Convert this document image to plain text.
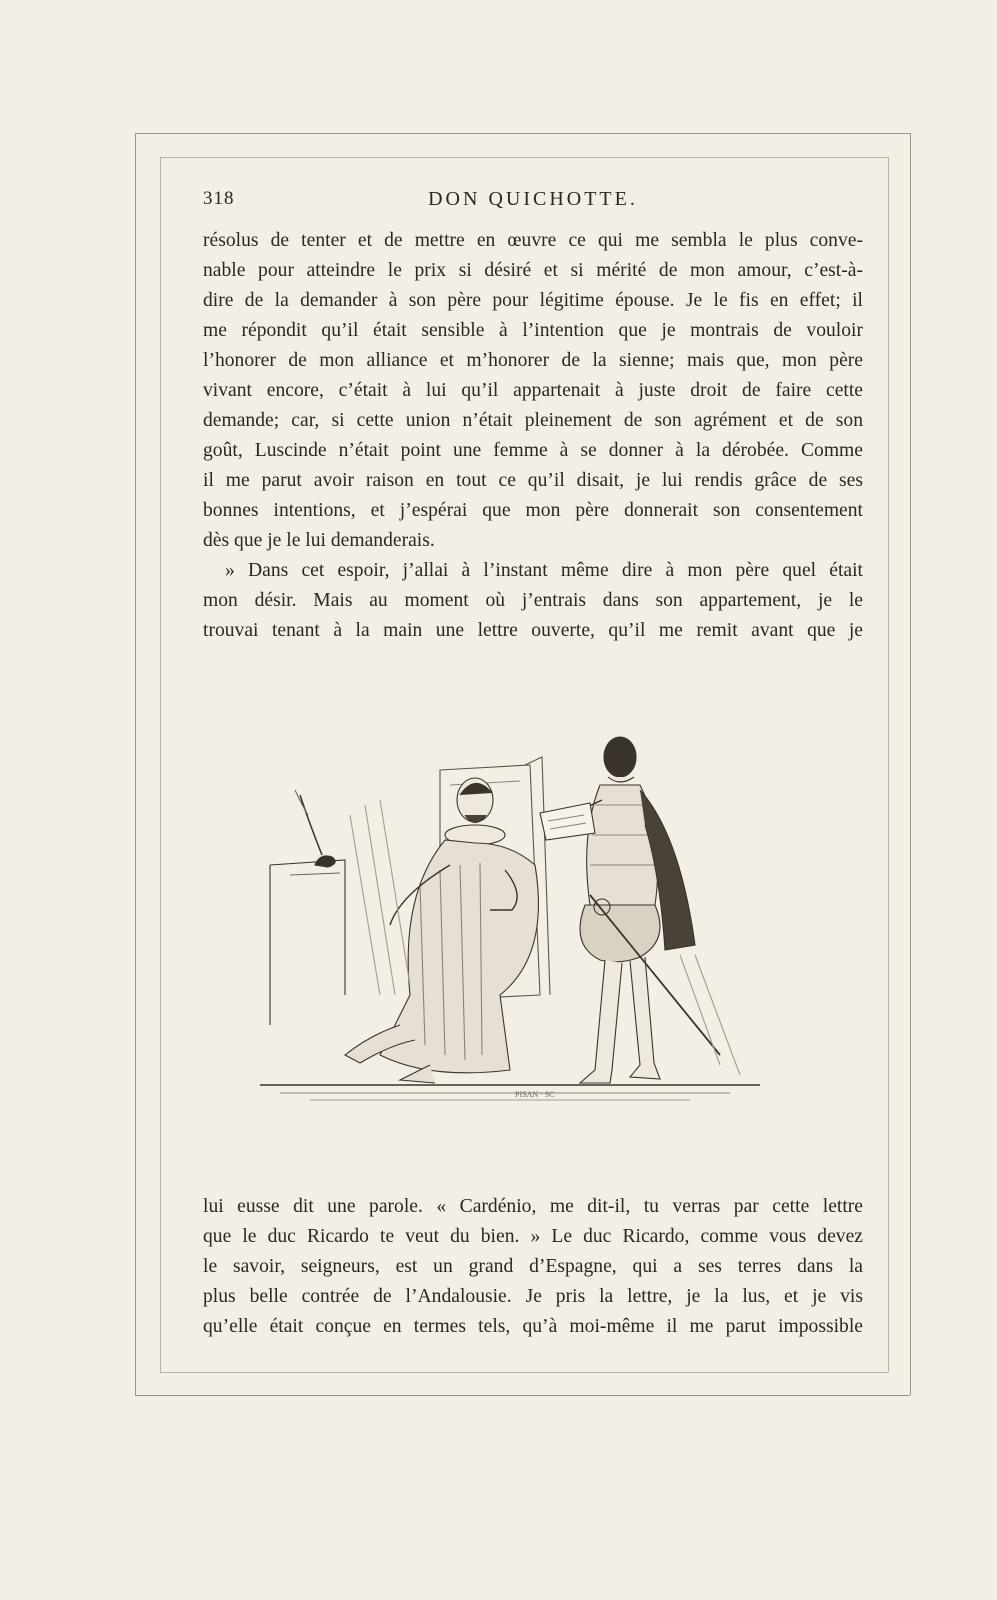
318	DON QUICHOTTE.
résolus de tenter et de mettre en œuvre ce qui me sembla le plus conve-
nable pour atteindre le prix si désiré et si mérité de mon amour, c’est-à-
dire de la demander à son père pour légitime épouse. Je le fis en effet; il
me répondit qu’il était sensible à l’intention que je montrais de vouloir
l’honorer de mon alliance et m’honorer de la sienne; mais que, mon père
vivant encore, c’était à lui qu’il appartenait à juste droit de faire cette
demande; car, si cette union n’était pleinement de son agrément et de son
goût, Luscinde n’était point une femme à se donner à la dérobée. Comme
il me parut avoir raison en tout ce qu’il disait, je lui rendis grâce de ses
bonnes intentions, et j’espérai que mon père donnerait son consentement
dès que je le lui demanderais.
» Dans cet espoir, j’allai à l’instant même dire à mon père quel était
mon désir. Mais au moment où j’entrais dans son appartement, je le
trouvai tenant à la main une lettre ouverte, qu’il me remit avant que je
PISAN · SC
lui eusse dit une parole. « Cardénio, me dit-il, tu verras par cette lettre
que le duc Ricardo te veut du bien. » Le duc Ricardo, comme vous devez
le savoir, seigneurs, est un grand d’Espagne, qui a ses terres dans la
plus belle contrée de l’Andalousie. Je pris la lettre, je la lus, et je vis
qu’elle était conçue en termes tels, qu’à moi-même il me parut impossible
